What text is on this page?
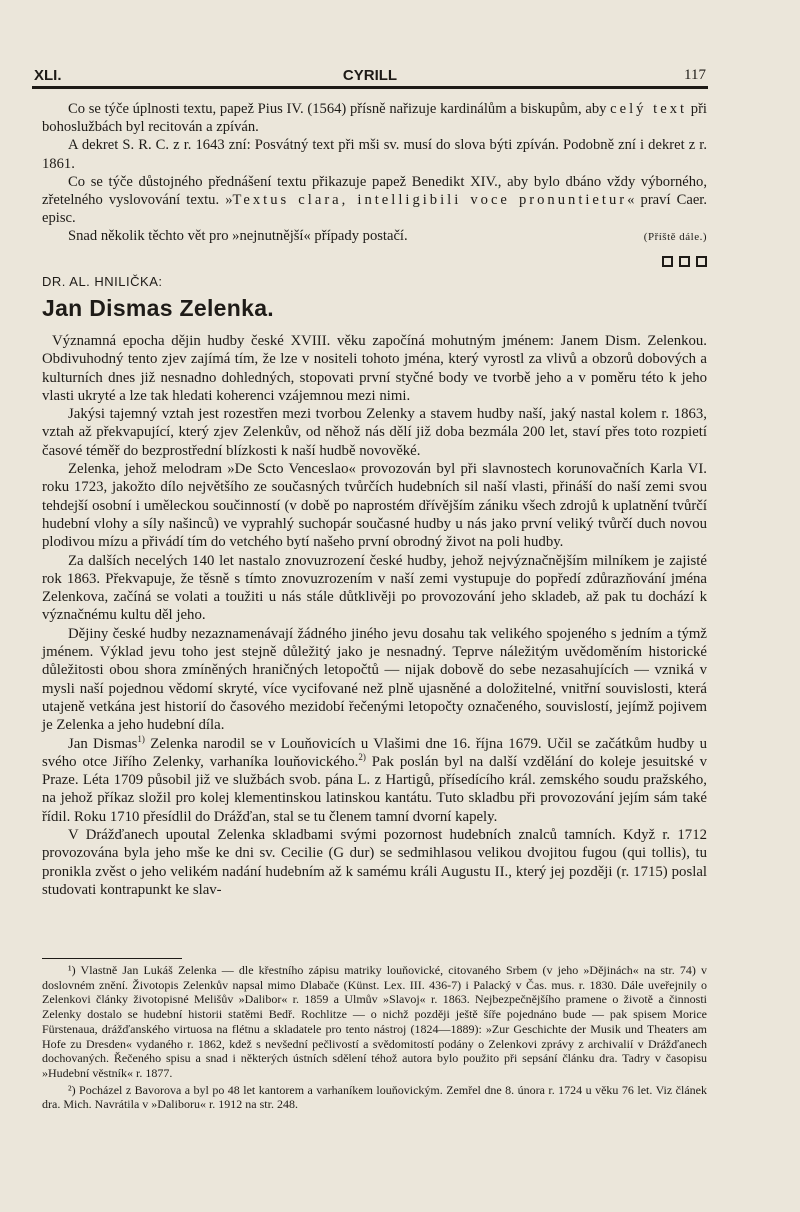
XLI.	CYRILL	117

Co se týče úplnosti textu, papež Pius IV. (1564) přísně nařizuje kardinálům a biskupům, aby celý text při bohoslužbách byl recitován a zpíván.

A dekret S. R. C. z r. 1643 zní: Posvátný text při mši sv. musí do slova býti zpíván. Podobně zní i dekret z r. 1861.

Co se týče důstojného přednášení textu přikazuje papež Benedikt XIV., aby bylo dbáno vždy výborného, zřetelného vyslovování textu. »Textus clara, intelligibili voce pronuntietur« praví Caer. episc.

Snad několik těchto vět pro »nejnutnější« případy postačí.	(Příště dále.)

DR. AL. HNILIČKA:
Jan Dismas Zelenka.

Významná epocha dějin hudby české XVIII. věku započíná mohutným jménem: Janem Dism. Zelenkou. Obdivuhodný tento zjev zajímá tím, že lze v nositeli tohoto jména, který vyrostl za vlivů a obzorů dobových a kulturních dnes již nesnadno dohledných, stopovati první styčné body ve tvorbě jeho a v poměru této k jeho vlasti ukryté a lze tak hledati koherenci vzájemnou mezi nimi.

Jakýsi tajemný vztah jest rozestřen mezi tvorbou Zelenky a stavem hudby naší, jaký nastal kolem r. 1863, vztah až překvapující, který zjev Zelenkův, od něhož nás dělí již doba bezmála 200 let, staví přes toto rozpietí časové téměř do bezprostřední blízkosti k naší hudbě novověké.

Zelenka, jehož melodram »De Scto Venceslao« provozován byl při slavnostech korunovačních Karla VI. roku 1723, jakožto dílo největšího ze současných tvůrčích hudebních sil naší vlasti, přináší do naší zemi svou tehdejší osobní i uměleckou součinností (v době po naprostém dřívějším zániku všech zdrojů k uplatnění tvůrčí hudební vlohy a síly našinců) ve vyprahlý suchopár současné hudby u nás jako první veliký tvůrčí duch novou plodivou mízu a přivádí tím do vetchého bytí našeho první obrodný život na poli hudby.

Za dalších necelých 140 let nastalo znovuzrození české hudby, jehož nejvýznačnějším milníkem je zajisté rok 1863. Překvapuje, že těsně s tímto znovuzrozením v naší zemi vystupuje do popředí zdůrazňování jména Zelenkova, začíná se volati a toužiti u nás stále důtklivěji po provozování jeho skladeb, až pak tu dochází k význačnému kultu děl jeho.

Dějiny české hudby nezaznamenávají žádného jiného jevu dosahu tak velikého spojeného s jedním a týmž jménem. Výklad jevu toho jest stejně důležitý jako je nesnadný. Teprve náležitým uvědoměním historické důležitosti obou shora zmíněných hraničných letopočtů — nijak dobově do sebe nezasahujících — vzniká v mysli naší pojednou vědomí skryté, více vycifované než plně ujasněné a doložitelné, vnitřní souvislosti, která utajeně vetkána jest historií do časového mezidobí řečenými letopočty označeného, souvislostí, jejímž pojivem je Zelenka a jeho hudební díla.

Jan Dismas$^{1)}$ Zelenka narodil se v Louňovicích u Vlašimi dne 16. října 1679. Učil se začátkům hudby u svého otce Jiřího Zelenky, varhaníka louňovického.$^{2)}$ Pak poslán byl na další vzdělání do koleje jesuitské v Praze. Léta 1709 působil již ve službách svob. pána L. z Hartigů, přísedícího král. zemského soudu pražského, na jehož příkaz složil pro kolej klementinskou latinskou kantátu. Tuto skladbu při provozování jejím sám také řídil. Roku 1710 přesídlil do Drážďan, stal se tu členem tamní dvorní kapely.

V Drážďanech upoutal Zelenka skladbami svými pozornost hudebních znalců tamních. Když r. 1712 provozována byla jeho mše ke dni sv. Cecilie (G dur) se sedmihlasou velikou dvojitou fugou (qui tollis), tu pronikla zvěst o jeho velikém nadání hudebním až k samému králi Augustu II., který jej později (r. 1715) poslal studovati kontrapunkt ke slav-

¹) Vlastně Jan Lukáš Zelenka — dle křestního zápisu matriky louňovické, citovaného Srbem (v jeho »Dějinách« na str. 74) v doslovném znění. Životopis Zelenkův napsal mimo Dlabače (Künst. Lex. III. 436-7) i Palacký v Čas. mus. r. 1830. Dále uveřejnily o Zelenkovi články životopisné Melišův »Dalibor« r. 1859 a Ulmův »Slavoj« r. 1863. Nejbezpečnějšího pramene o životě a činnosti Zelenky dostalo se hudební historii statěmi Bedř. Rochlitze — o nichž později ještě šíře pojednáno bude — pak spisem Morice Fürstenaua, drážďanského virtuosa na flétnu a skladatele pro tento nástroj (1824—1889): »Zur Geschichte der Musik und Theaters am Hofe zu Dresden« vydaného r. 1862, kdež s nevšední pečlivostí a svědomitostí podány o Zelenkovi zprávy z archivalií v Drážďanech dochovaných. Řečeného spisu a snad i některých ústních sdělení téhož autora bylo použito při sepsání článku dra. Tadry v časopisu »Hudební věstník« r. 1877.

²) Pocházel z Bavorova a byl po 48 let kantorem a varhaníkem louňovickým. Zemřel dne 8. února r. 1724 u věku 76 let. Viz článek dra. Mich. Navrátila v »Daliboru« r. 1912 na str. 248.
